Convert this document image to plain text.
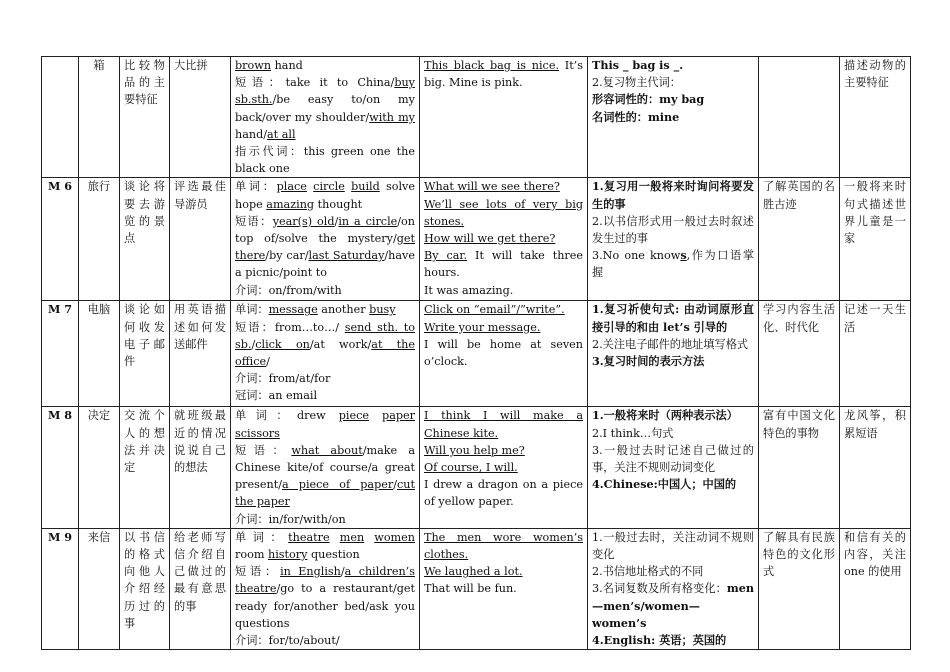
	箱	比较物品的主要特征	大比拼	brown hand
短语：take it to China/buy sb.sth./be easy to/on my back/over my shoulder/with my hand/at all
指示代词：this green one the black one	This black bag is nice. It’s big. Mine is pink.	This _ bag is _.
2.复习物主代词：
形容词性的：my bag
名词性的：mine		描述动物的主要特征
M 6	旅行	谈论将要去游览的景点	评选最佳导游员	单词：place circle build solve hope amazing thought
短语：year(s) old/in a circle/on top of/solve the mystery/get there/by car/last Saturday/have a picnic/point to
介词：on/from/with	What will we see there?
We’ll see lots of very big stones.
How will we get there?
By car. It will take three hours.
It was amazing.	1.复习用一般将来时询问将要发生的事
2.以书信形式用一般过去时叙述发生过的事
3.No one knows,作为口语掌握	了解英国的名胜古迹	一般将来时句式描述世界儿童是一家
M 7	电脑	谈论如何收发电子邮件	用英语描述如何发送邮件	单词：message another busy
短语：from…to…/ send sth. to sb./click on/at work/at the office/
介词：from/at/for
冠词：an email	Click on “email”/”write”.
Write your message.
I will be home at seven o’clock.	1.复习祈使句式: 由动词原形直接引导的和由 let’s 引导的
2.关注电子邮件的地址填写格式
3.复习时间的表示方法	学习内容生活化、时代化	记述一天生活
M 8	决定	交流个人的想法并决定	就班级最近的情况说说自己的想法	单词：drew piece paper scissors
短语：what about/make a Chinese kite/of course/a great present/a piece of paper/cut the paper
介词：in/for/with/on	I think I will make a Chinese kite.
Will you help me?
Of course, I will.
I drew a dragon on a piece of yellow paper.	1.一般将来时（两种表示法）
2.I think…句式
3.一般过去时记述自己做过的事，关注不规则动词变化
4.Chinese:中国人；中国的	富有中国文化特色的事物	龙风筝，积累短语
M 9	来信	以书信的格式向他人介绍经历过的事	给老师写信介绍自己做过的最有意思的事	单词：theatre men women room history question
短语：in English/a children’s theatre/go to a restaurant/get ready for/another bed/ask you questions
介词：for/to/about/	The men wore women’s clothes.
We laughed a lot.
That will be fun.	1.一般过去时，关注动词不规则变化
2.书信地址格式的不同
3.名词复数及所有格变化：men—men’s/women—women’s
4.English: 英语；英国的	了解具有民族特色的文化形式	和信有关的内容，关注 one 的使用
